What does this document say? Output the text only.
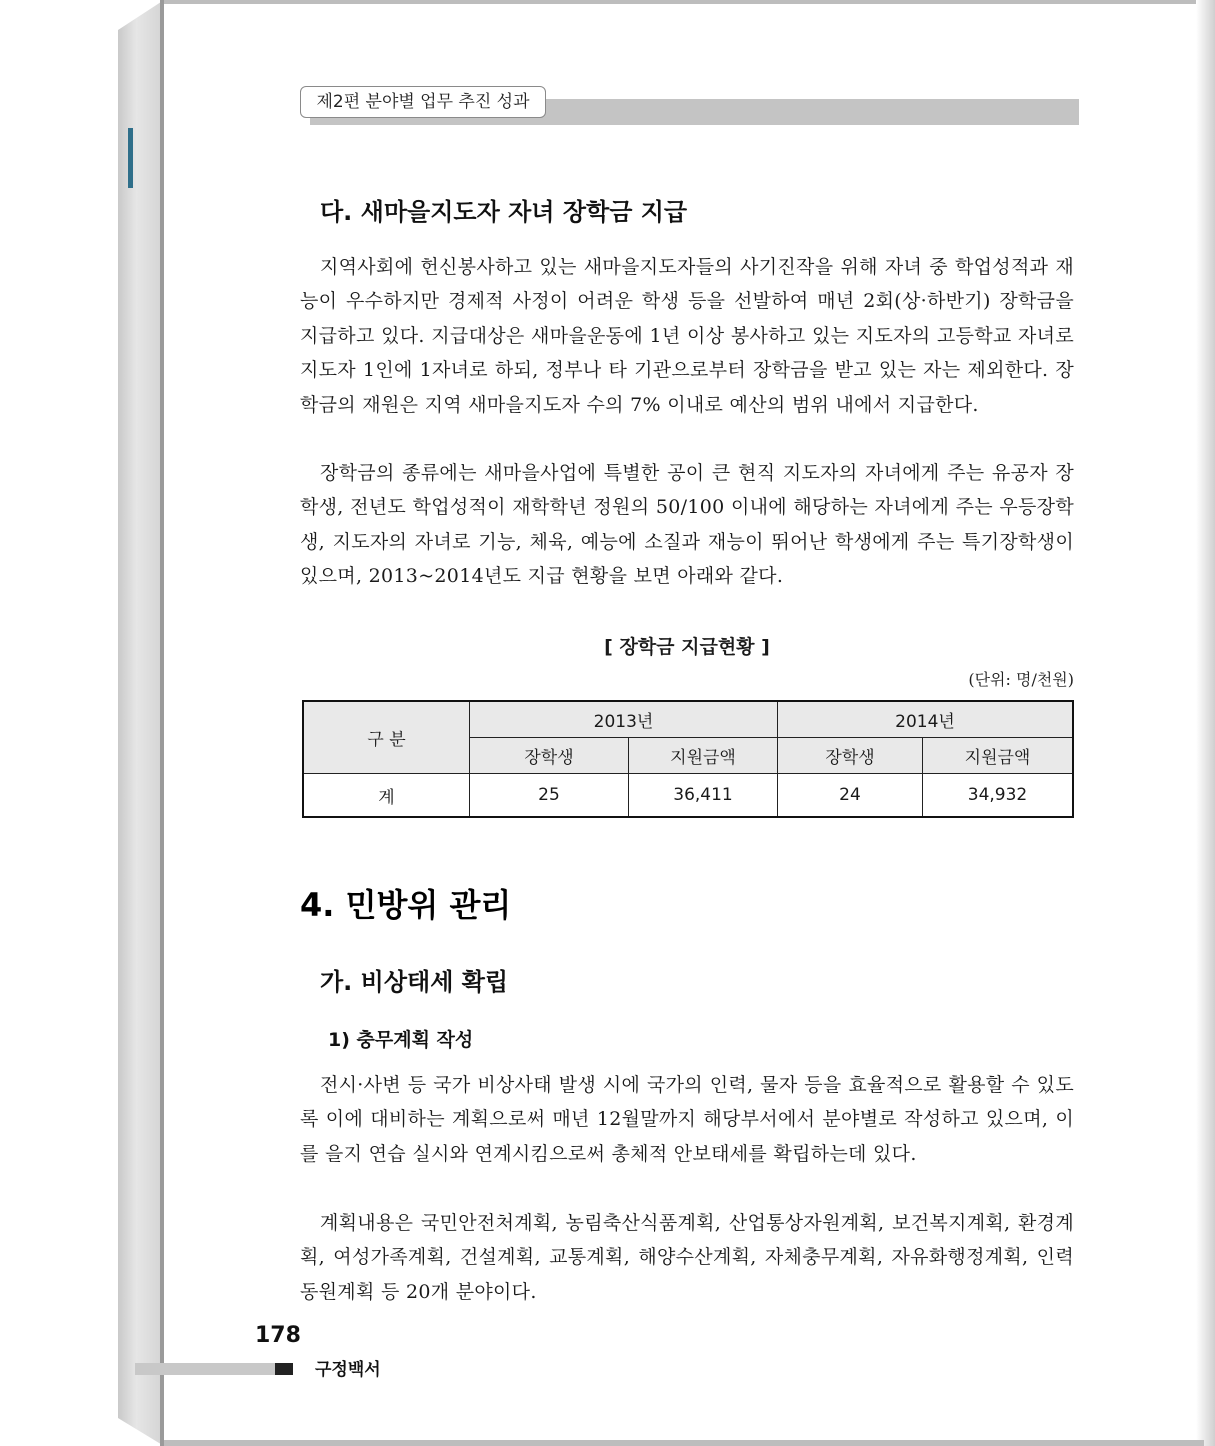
제2편 분야별 업무 추진 성과
다. 새마을지도자 자녀 장학금 지급
지역사회에 헌신봉사하고 있는 새마을지도자들의 사기진작을 위해 자녀 중 학업성적과 재능이 우수하지만 경제적 사정이 어려운 학생 등을 선발하여 매년 2회(상·하반기) 장학금을 지급하고 있다. 지급대상은 새마을운동에 1년 이상 봉사하고 있는 지도자의 고등학교 자녀로 지도자 1인에 1자녀로 하되, 정부나 타 기관으로부터 장학금을 받고 있는 자는 제외한다. 장학금의 재원은 지역 새마을지도자 수의 7% 이내로 예산의 범위 내에서 지급한다.
장학금의 종류에는 새마을사업에 특별한 공이 큰 현직 지도자의 자녀에게 주는 유공자 장학생, 전년도 학업성적이 재학학년 정원의 50/100 이내에 해당하는 자녀에게 주는 우등장학생, 지도자의 자녀로 기능, 체육, 예능에 소질과 재능이 뛰어난 학생에게 주는 특기장학생이 있으며, 2013~2014년도 지급 현황을 보면 아래와 같다.
[ 장학금 지급현황 ]
(단위: 명/천원)
구 분	2013년		2014년	
	장학생	지원금액	장학생	지원금액
계	25	36,411	24	34,932
4. 민방위 관리
가. 비상태세 확립
1) 충무계획 작성
전시·사변 등 국가 비상사태 발생 시에 국가의 인력, 물자 등을 효율적으로 활용할 수 있도록 이에 대비하는 계획으로써 매년 12월말까지 해당부서에서 분야별로 작성하고 있으며, 이를 을지 연습 실시와 연계시킴으로써 총체적 안보태세를 확립하는데 있다.
계획내용은 국민안전처계획, 농림축산식품계획, 산업통상자원계획, 보건복지계획, 환경계획, 여성가족계획, 건설계획, 교통계획, 해양수산계획, 자체충무계획, 자유화행정계획, 인력동원계획 등 20개 분야이다.
178
구정백서
